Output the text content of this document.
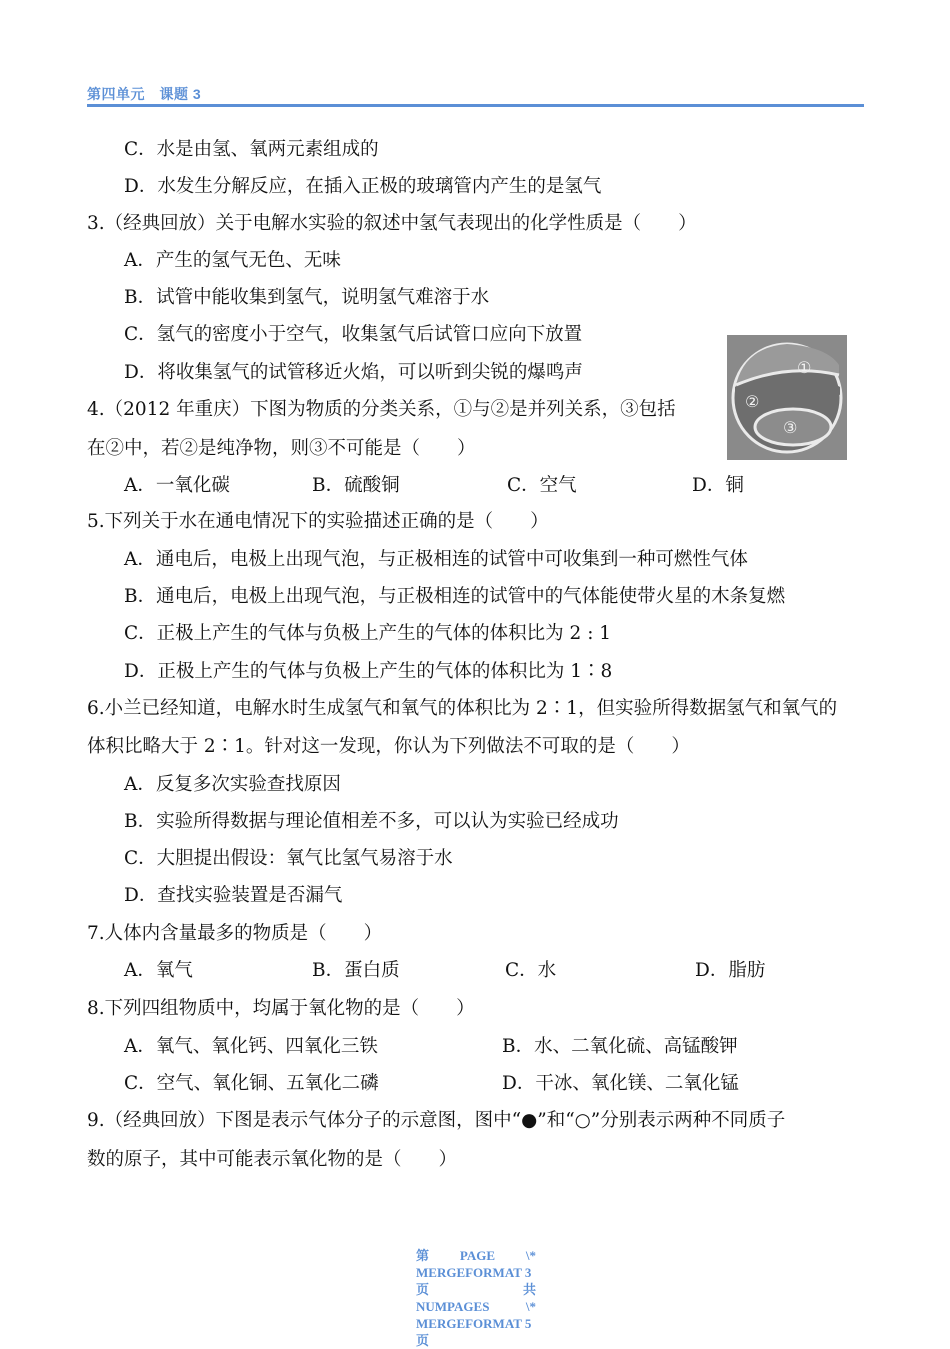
第四单元　课题 3
C．水是由氢、氧两元素组成的
D．水发生分解反应，在插入正极的玻璃管内产生的是氢气
3.（经典回放）关于电解水实验的叙述中氢气表现出的化学性质是（　　）
A．产生的氢气无色、无味
B．试管中能收集到氢气，说明氢气难溶于水
C．氢气的密度小于空气，收集氢气后试管口应向下放置
D．将收集氢气的试管移近火焰，可以听到尖锐的爆鸣声
4.（2012 年重庆）下图为物质的分类关系，①与②是并列关系，③包括
在②中，若②是纯净物，则③不可能是（　　）
A．一氧化碳	B．硫酸铜	C．空气	D．铜
①
②
③
5.下列关于水在通电情况下的实验描述正确的是（　　）
A．通电后，电极上出现气泡，与正极相连的试管中可收集到一种可燃性气体
B．通电后，电极上出现气泡，与正极相连的试管中的气体能使带火星的木条复燃
C．正极上产生的气体与负极上产生的气体的体积比为 2 : 1
D．正极上产生的气体与负极上产生的气体的体积比为 1∶8
6.小兰已经知道，电解水时生成氢气和氧气的体积比为 2∶1，但实验所得数据氢气和氧气的
体积比略大于 2∶1。针对这一发现，你认为下列做法不可取的是（　　）
A．反复多次实验查找原因
B．实验所得数据与理论值相差不多，可以认为实验已经成功
C．大胆提出假设：氧气比氢气易溶于水
D．查找实验装置是否漏气
7.人体内含量最多的物质是（　　）
A．氧气	B．蛋白质	C．水	D．脂肪
8.下列四组物质中，均属于氧化物的是（　　）
A．氧气、氧化钙、四氧化三铁	B．水、二氧化硫、高锰酸钾
C．空气、氧化铜、五氧化二磷	D．干冰、氧化镁、二氧化锰
9.（经典回放）下图是表示气体分子的示意图，图中“●”和“○”分别表示两种不同质子
数的原子，其中可能表示氧化物的是（　　）
第 PAGE \*
MERGEFORMAT 3
页	共
NUMPAGES	\*
MERGEFORMAT 5
页
